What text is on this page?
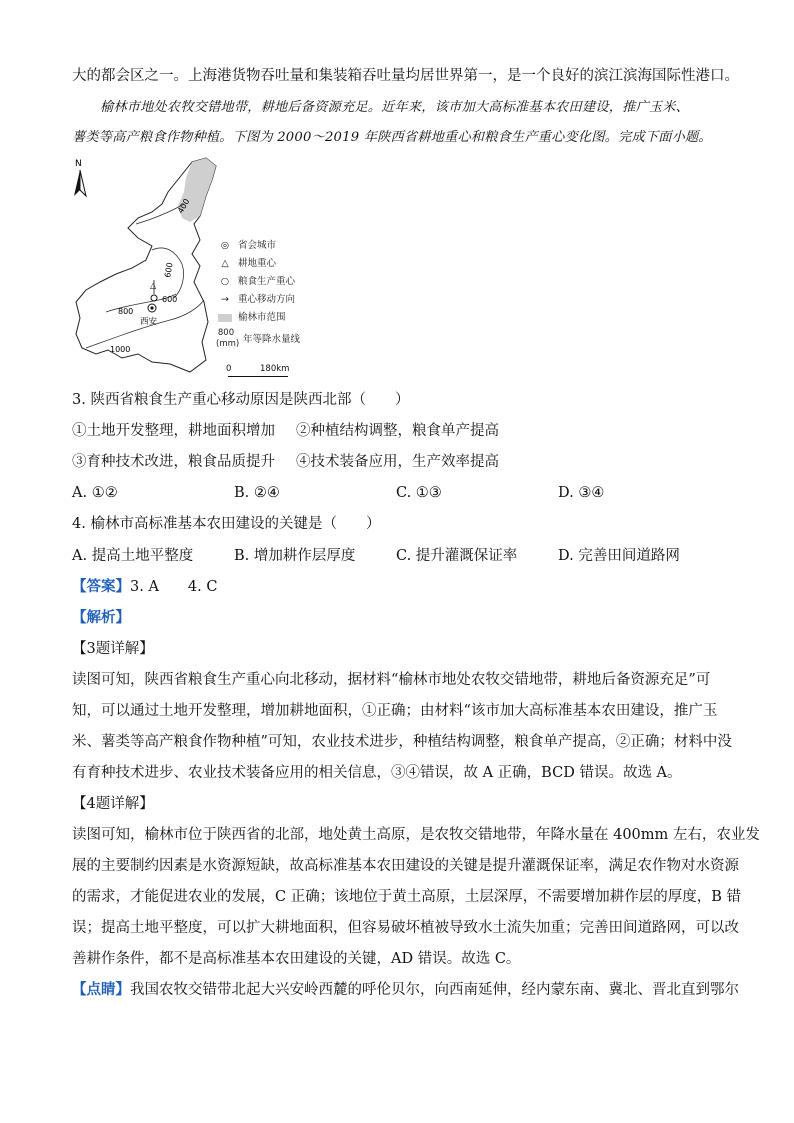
大的都会区之一。上海港货物吞吐量和集装箱吞吐量均居世界第一，是一个良好的滨江滨海国际性港口。
榆林市地处农牧交错地带，耕地后备资源充足。近年来，该市加大高标准基本农田建设，推广玉米、
薯类等高产粮食作物种植。下图为 2000～2019 年陕西省耕地重心和粮食生产重心变化图。完成下面小题。
N
400
600
600
800
1000
△
西安
◎ 省会城市
△ 耕地重心
○ 粮食生产重心
→ 重心移动方向
榆林市范围
800
(mm) 年等降水量线
0	180km
3. 陕西省粮食生产重心移动原因是陕西北部（　　）
①土地开发整理，耕地面积增加 ②种植结构调整，粮食单产提高
③育种技术改进，粮食品质提升 ④技术装备应用，生产效率提高
A. ①②	B. ②④	C. ①③	D. ③④
4. 榆林市高标准基本农田建设的关键是（　　）
A. 提高土地平整度	B. 增加耕作层厚度	C. 提升灌溉保证率	D. 完善田间道路网
【答案】3. A　　4. C
【解析】
【3题详解】
读图可知，陕西省粮食生产重心向北移动，据材料“榆林市地处农牧交错地带，耕地后备资源充足”可
知，可以通过土地开发整理，增加耕地面积，①正确；由材料“该市加大高标准基本农田建设，推广玉
米、薯类等高产粮食作物种植”可知，农业技术进步，种植结构调整，粮食单产提高，②正确；材料中没
有育种技术进步、农业技术装备应用的相关信息，③④错误，故 A 正确，BCD 错误。故选 A。
【4题详解】
读图可知，榆林市位于陕西省的北部，地处黄土高原，是农牧交错地带，年降水量在 400mm 左右，农业发
展的主要制约因素是水资源短缺，故高标准基本农田建设的关键是提升灌溉保证率，满足农作物对水资源
的需求，才能促进农业的发展，C 正确；该地位于黄土高原，土层深厚，不需要增加耕作层的厚度，B 错
误；提高土地平整度，可以扩大耕地面积，但容易破坏植被导致水土流失加重；完善田间道路网，可以改
善耕作条件，都不是高标准基本农田建设的关键，AD 错误。故选 C。
【点睛】我国农牧交错带北起大兴安岭西麓的呼伦贝尔，向西南延伸，经内蒙东南、冀北、晋北直到鄂尔
